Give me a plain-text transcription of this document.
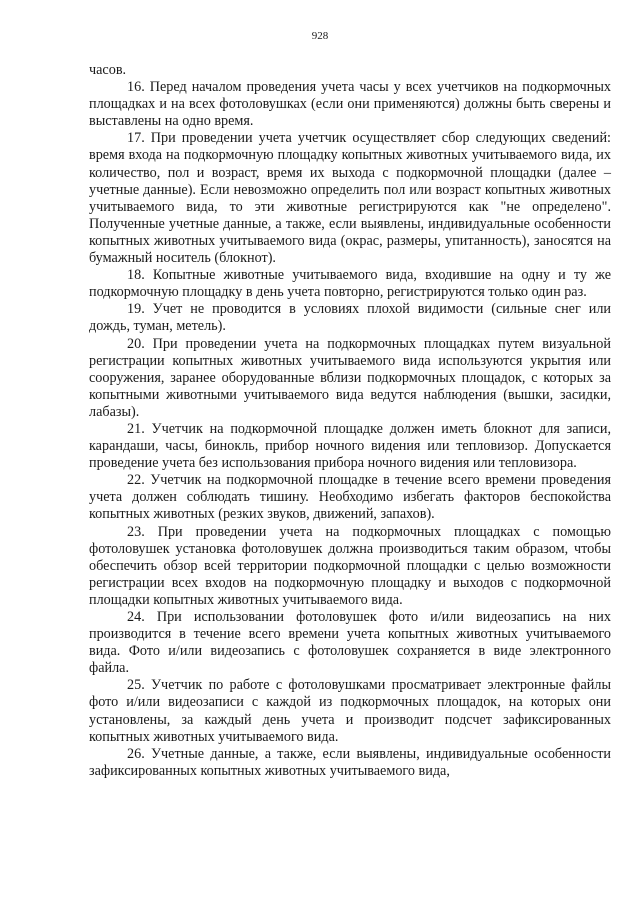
928

часов.

16. Перед началом проведения учета часы у всех учетчиков на подкормочных площадках и на всех фотоловушках (если они применяются) должны быть сверены и выставлены на одно время.

17. При проведении учета учетчик осуществляет сбор следующих сведений: время входа на подкормочную площадку копытных животных учитываемого вида, их количество, пол и возраст, время их выхода с подкормочной площадки (далее – учетные данные). Если невозможно определить пол или возраст копытных животных учитываемого вида, то эти животные регистрируются как "не определено". Полученные учетные данные, а также, если выявлены, индивидуальные особенности копытных животных учитываемого вида (окрас, размеры, упитанность), заносятся на бумажный носитель (блокнот).

18. Копытные животные учитываемого вида, входившие на одну и ту же подкормочную площадку в день учета повторно, регистрируются только один раз.

19. Учет не проводится в условиях плохой видимости (сильные снег или дождь, туман, метель).

20. При проведении учета на подкормочных площадках путем визуальной регистрации копытных животных учитываемого вида используются укрытия или сооружения, заранее оборудованные вблизи подкормочных площадок, с которых за копытными животными учитываемого вида ведутся наблюдения (вышки, засидки, лабазы).

21. Учетчик на подкормочной площадке должен иметь блокнот для записи, карандаши, часы, бинокль, прибор ночного видения или тепловизор. Допускается проведение учета без использования прибора ночного видения или тепловизора.

22. Учетчик на подкормочной площадке в течение всего времени проведения учета должен соблюдать тишину. Необходимо избегать факторов беспокойства копытных животных (резких звуков, движений, запахов).

23. При проведении учета на подкормочных площадках с помощью фотоловушек установка фотоловушек должна производиться таким образом, чтобы обеспечить обзор всей территории подкормочной площадки с целью возможности регистрации всех входов на подкормочную площадку и выходов с подкормочной площадки копытных животных учитываемого вида.

24. При использовании фотоловушек фото и/или видеозапись на них производится в течение всего времени учета копытных животных учитываемого вида. Фото и/или видеозапись с фотоловушек сохраняется в виде электронного файла.

25. Учетчик по работе с фотоловушками просматривает электронные файлы фото и/или видеозаписи с каждой из подкормочных площадок, на которых они установлены, за каждый день учета и производит подсчет зафиксированных копытных животных учитываемого вида.

26. Учетные данные, а также, если выявлены, индивидуальные особенности зафиксированных копытных животных учитываемого вида,
